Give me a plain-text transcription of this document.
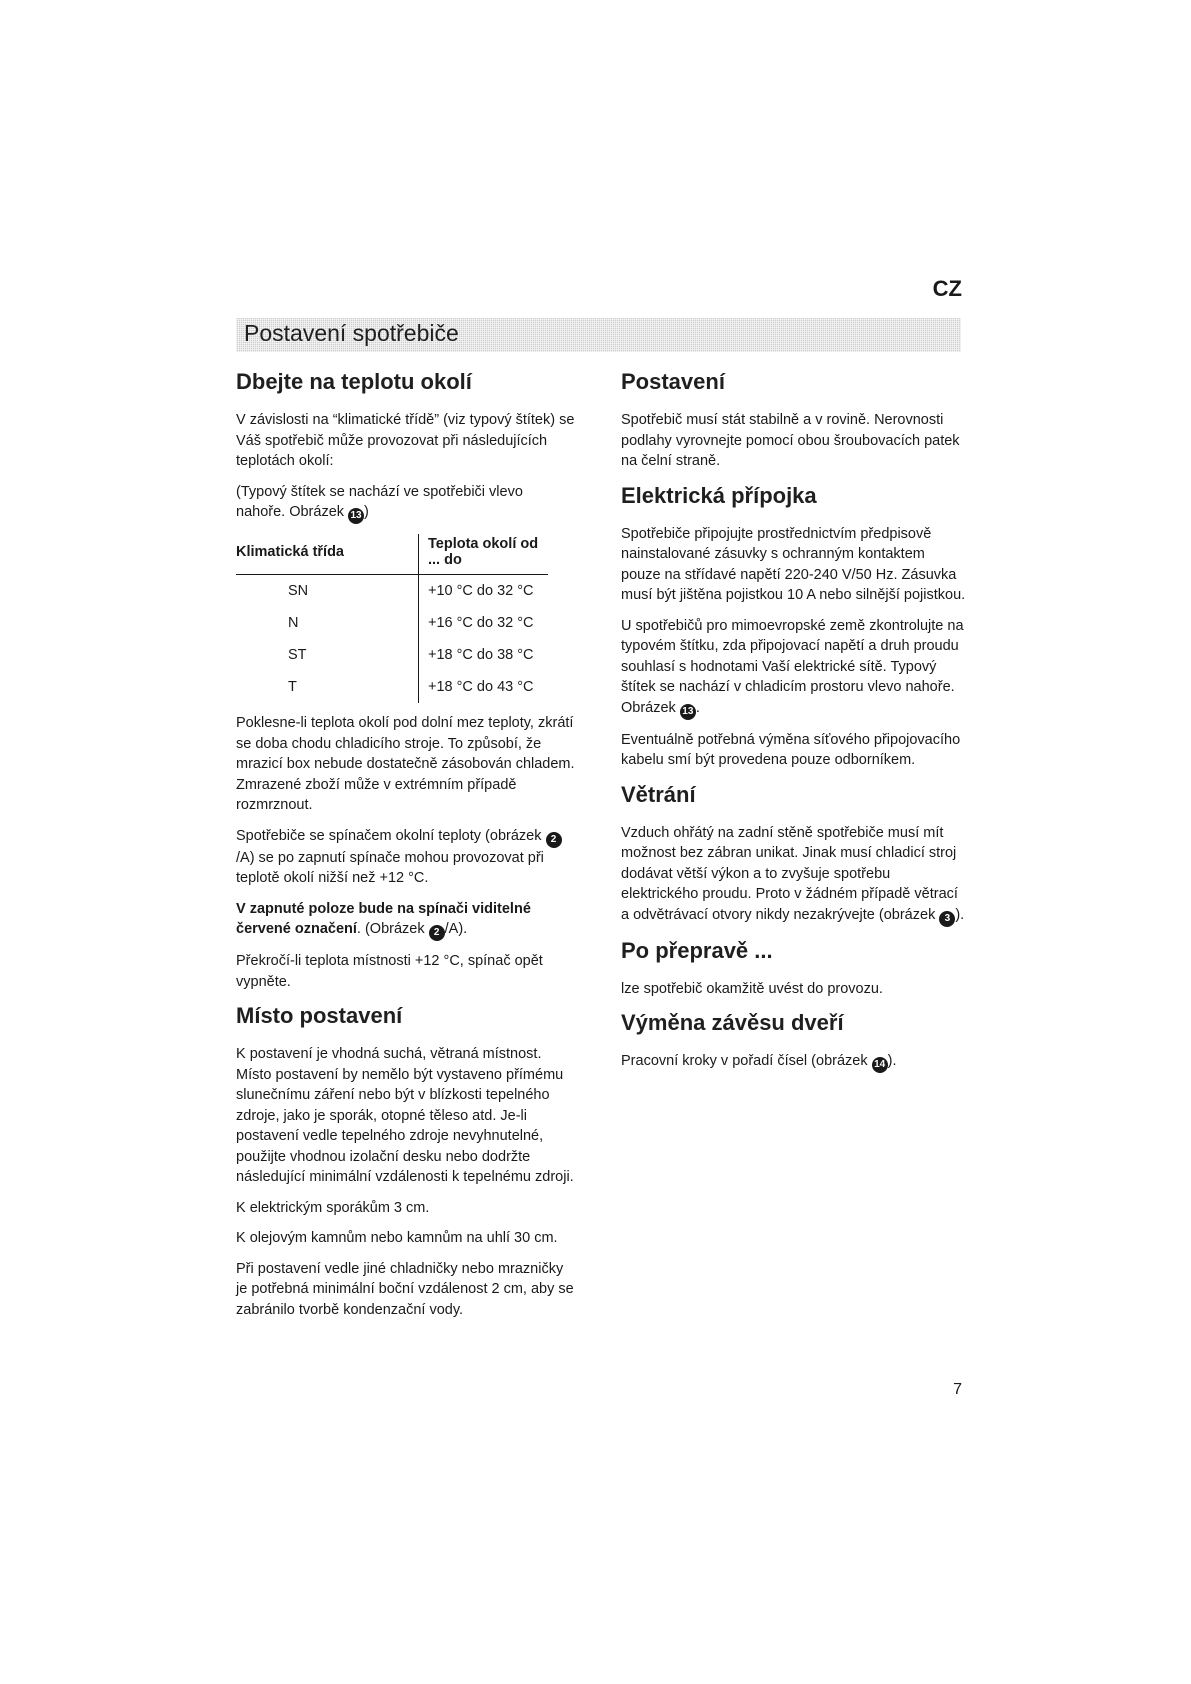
CZ
Postavení spotřebiče
Dbejte na teplotu okolí

V závislosti na “klimatické třídě” (viz typový štítek) se Váš spotřebič může provozovat při následujících teplotách okolí:

(Typový štítek se nachází ve spotřebiči vlevo nahoře. Obrázek 13 )

Klimatická třída	Teplota okolí od ... do
SN	+10 °C do 32 °C
N	+16 °C do 32 °C
ST	+18 °C do 38 °C
T	+18 °C do 43 °C

Poklesne-li teplota okolí pod dolní mez teploty, zkrátí se doba chodu chladicího stroje. To způsobí, že mrazicí box nebude dostatečně zásobován chladem. Zmrazené zboží může v extrémním případě rozmrznout.

Spotřebiče se spínačem okolní teploty (obrázek 2/A) se po zapnutí spínače mohou provozovat při teplotě okolí nižší než +12 °C.

V zapnuté poloze bude na spínači viditelné červené označení. (Obrázek 2 /A).

Překročí-li teplota místnosti +12 °C, spínač opět vypněte.

Místo postavení

K postavení je vhodná suchá, větraná místnost. Místo postavení by nemělo být vystaveno přímému slunečnímu záření nebo být v blízkosti tepelného zdroje, jako je sporák, otopné těleso atd. Je-li postavení vedle tepelného zdroje nevyhnutelné, použijte vhodnou izolační desku nebo dodržte následující minimální vzdálenosti k tepelnému zdroji.

K elektrickým sporákům 3 cm.

K olejovým kamnům nebo kamnům na uhlí 30 cm.

Při postavení vedle jiné chladničky nebo mrazničky je potřebná minimální boční vzdálenost 2 cm, aby se zabránilo tvorbě kondenzační vody.

Postavení

Spotřebič musí stát stabilně a v rovině. Nerovnosti podlahy vyrovnejte pomocí obou šroubovacích patek na čelní straně.

Elektrická přípojka

Spotřebiče připojujte prostřednictvím předpisově nainstalované zásuvky s ochranným kontaktem pouze na střídavé napětí 220-240 V/50 Hz. Zásuvka musí být jištěna pojistkou 10 A nebo silnější pojistkou.

U spotřebičů pro mimoevropské země zkontrolujte na typovém štítku, zda připojovací napětí a druh proudu souhlasí s hodnotami Vaší elektrické sítě. Typový štítek se nachází v chladicím prostoru vlevo nahoře. Obrázek 13 .

Eventuálně potřebná výměna síťového připojovacího kabelu smí být provedena pouze odborníkem.

Větrání

Vzduch ohřátý na zadní stěně spotřebiče musí mít možnost bez zábran unikat. Jinak musí chladicí stroj dodávat větší výkon a to zvyšuje spotřebu elektrického proudu. Proto v žádném případě větrací a odvětrávací otvory nikdy nezakrývejte (obrázek 3 ).

Po přepravě ...

lze spotřebič okamžitě uvést do provozu.

Výměna závěsu dveří

Pracovní kroky v pořadí čísel (obrázek 14 ).

7
